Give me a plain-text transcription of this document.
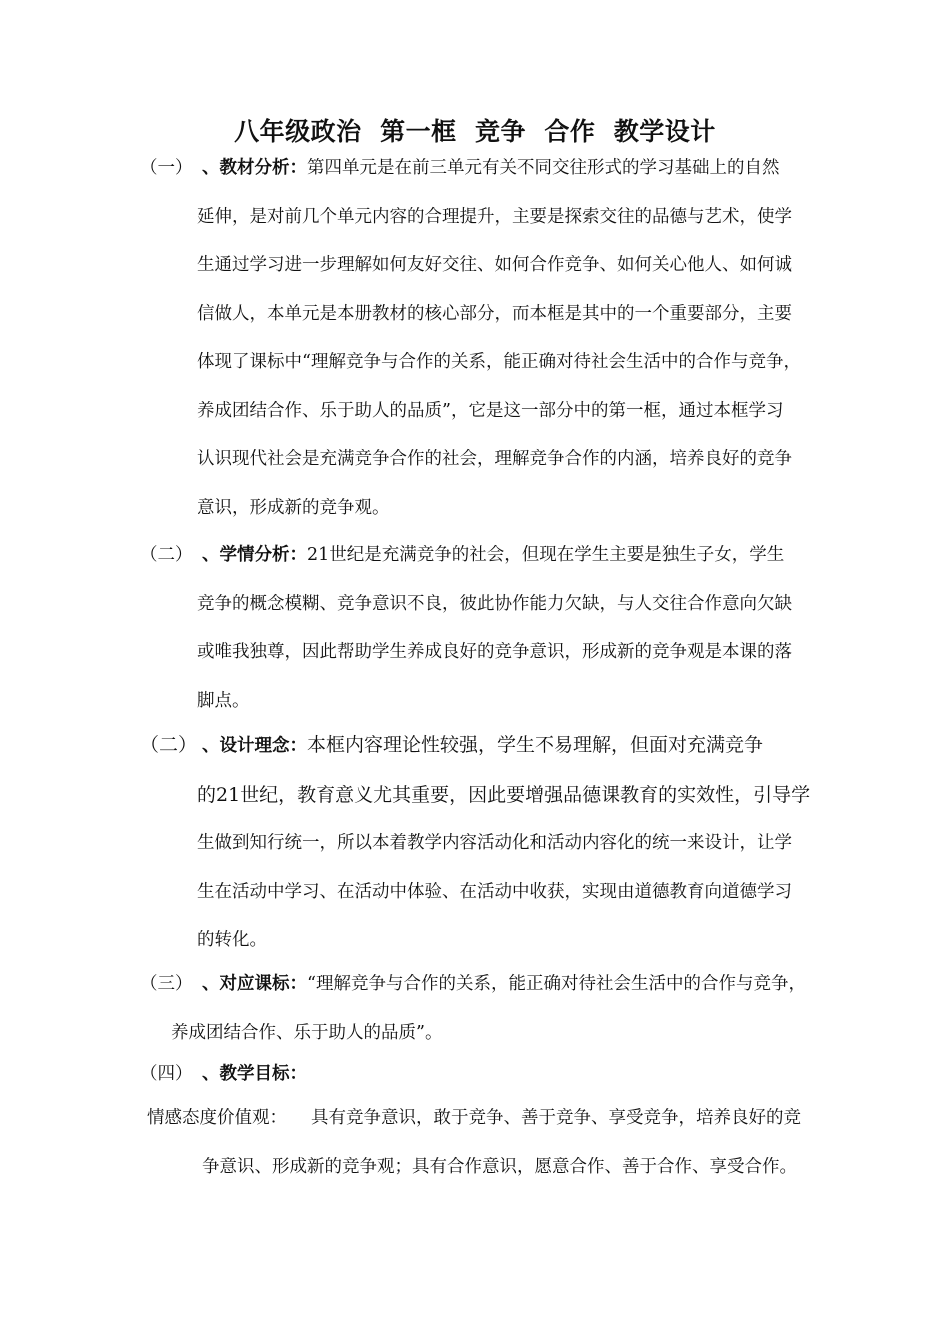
八年级政治  第一框  竞争  合作  教学设计
（一） 、教材分析：第四单元是在前三单元有关不同交往形式的学习基础上的自然
延伸，是对前几个单元内容的合理提升，主要是探索交往的品德与艺术，使学
生通过学习进一步理解如何友好交往、如何合作竞争、如何关心他人、如何诚
信做人，本单元是本册教材的核心部分，而本框是其中的一个重要部分，主要
体现了课标中“理解竞争与合作的关系，能正确对待社会生活中的合作与竞争，
养成团结合作、乐于助人的品质”，它是这一部分中的第一框，通过本框学习
认识现代社会是充满竞争合作的社会，理解竞争合作的内涵，培养良好的竞争
意识，形成新的竞争观。
（二） 、学情分析：21世纪是充满竞争的社会，但现在学生主要是独生子女，学生
竞争的概念模糊、竞争意识不良，彼此协作能力欠缺，与人交往合作意向欠缺
或唯我独尊，因此帮助学生养成良好的竞争意识，形成新的竞争观是本课的落
脚点。
（二） 、设计理念：本框内容理论性较强，学生不易理解，但面对充满竞争
的21世纪，教育意义尤其重要，因此要增强品德课教育的实效性，引导学
生做到知行统一，所以本着教学内容活动化和活动内容化的统一来设计，让学
生在活动中学习、在活动中体验、在活动中收获，实现由道德教育向道德学习
的转化。
（三） 、对应课标：“理解竞争与合作的关系，能正确对待社会生活中的合作与竞争，
养成团结合作、乐于助人的品质”。
（四） 、教学目标：
情感态度价值观： 具有竞争意识，敢于竞争、善于竞争、享受竞争，培养良好的竞
争意识、形成新的竞争观；具有合作意识，愿意合作、善于合作、享受合作。
